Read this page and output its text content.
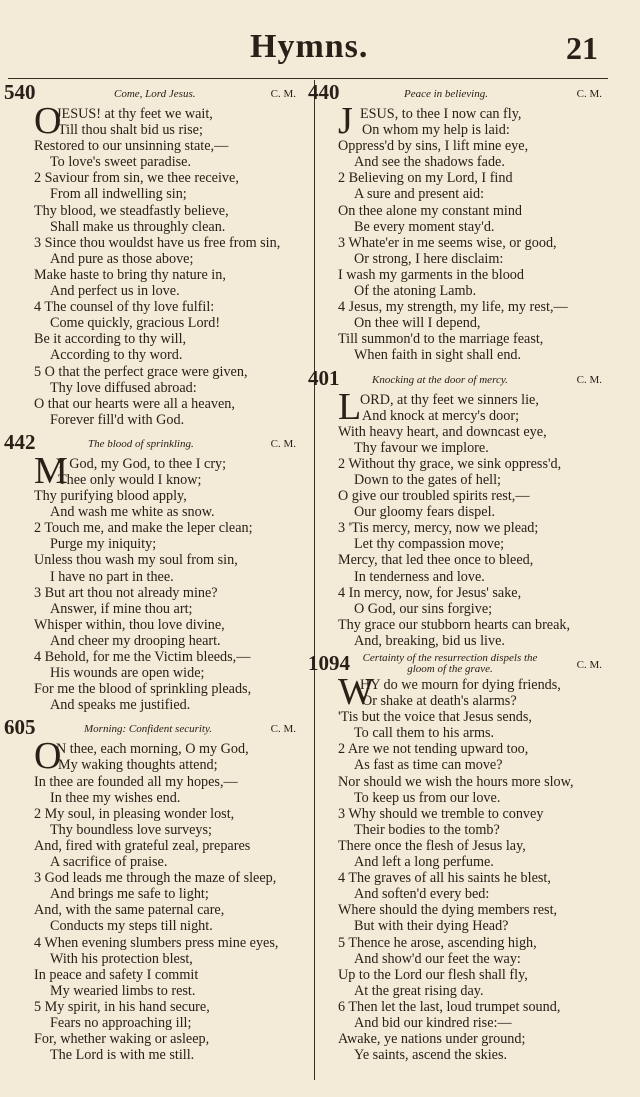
Hymns.	21
540	Come, Lord Jesus.	C. M.
O
JESUS! at thy feet we wait,
Till thou shalt bid us rise;
Restored to our unsinning state,—
To love's sweet paradise.
2 Saviour from sin, we thee receive,
From all indwelling sin;
Thy blood, we steadfastly believe,
Shall make us throughly clean.
3 Since thou wouldst have us free from sin,
And pure as those above;
Make haste to bring thy nature in,
And perfect us in love.
4 The counsel of thy love fulfil:
Come quickly, gracious Lord!
Be it according to thy will,
According to thy word.
5 O that the perfect grace were given,
Thy love diffused abroad:
O that our hearts were all a heaven,
Forever fill'd with God.
442	The blood of sprinkling.	C. M.
M
Y God, my God, to thee I cry;
Thee only would I know;
Thy purifying blood apply,
And wash me white as snow.
2 Touch me, and make the leper clean;
Purge my iniquity;
Unless thou wash my soul from sin,
I have no part in thee.
3 But art thou not already mine?
Answer, if mine thou art;
Whisper within, thou love divine,
And cheer my drooping heart.
4 Behold, for me the Victim bleeds,—
His wounds are open wide;
For me the blood of sprinkling pleads,
And speaks me justified.
605	Morning: Confident security.	C. M.
O
N thee, each morning, O my God,
My waking thoughts attend;
In thee are founded all my hopes,—
In thee my wishes end.
2 My soul, in pleasing wonder lost,
Thy boundless love surveys;
And, fired with grateful zeal, prepares
A sacrifice of praise.
3 God leads me through the maze of sleep,
And brings me safe to light;
And, with the same paternal care,
Conducts my steps till night.
4 When evening slumbers press mine eyes,
With his protection blest,
In peace and safety I commit
My wearied limbs to rest.
5 My spirit, in his hand secure,
Fears no approaching ill;
For, whether waking or asleep,
The Lord is with me still.
440	Peace in believing.	C. M.
J ESUS, to thee I now can fly,
On whom my help is laid:
Oppress'd by sins, I lift mine eye,
And see the shadows fade.
2 Believing on my Lord, I find
A sure and present aid:
On thee alone my constant mind
Be every moment stay'd.
3 Whate'er in me seems wise, or good,
Or strong, I here disclaim:
I wash my garments in the blood
Of the atoning Lamb.
4 Jesus, my strength, my life, my rest,—
On thee will I depend,
Till summon'd to the marriage feast,
When faith in sight shall end.
401	Knocking at the door of mercy.	C. M.
L
ORD, at thy feet we sinners lie,
And knock at mercy's door;
With heavy heart, and downcast eye,
Thy favour we implore.
2 Without thy grace, we sink oppress'd,
Down to the gates of hell;
O give our troubled spirits rest,—
Our gloomy fears dispel.
3 'Tis mercy, mercy, now we plead;
Let thy compassion move;
Mercy, that led thee once to bleed,
In tenderness and love.
4 In mercy, now, for Jesus' sake,
O God, our sins forgive;
Thy grace our stubborn hearts can break,
And, breaking, bid us live.
1094	Certainty of the resurrection dispels the gloom of the grave.	C. M.
W
HY do we mourn for dying friends,
Or shake at death's alarms?
'Tis but the voice that Jesus sends,
To call them to his arms.
2 Are we not tending upward too,
As fast as time can move?
Nor should we wish the hours more slow,
To keep us from our love.
3 Why should we tremble to convey
Their bodies to the tomb?
There once the flesh of Jesus lay,
And left a long perfume.
4 The graves of all his saints he blest,
And soften'd every bed:
Where should the dying members rest,
But with their dying Head?
5 Thence he arose, ascending high,
And show'd our feet the way:
Up to the Lord our flesh shall fly,
At the great rising day.
6 Then let the last, loud trumpet sound,
And bid our kindred rise:—
Awake, ye nations under ground;
Ye saints, ascend the skies.
